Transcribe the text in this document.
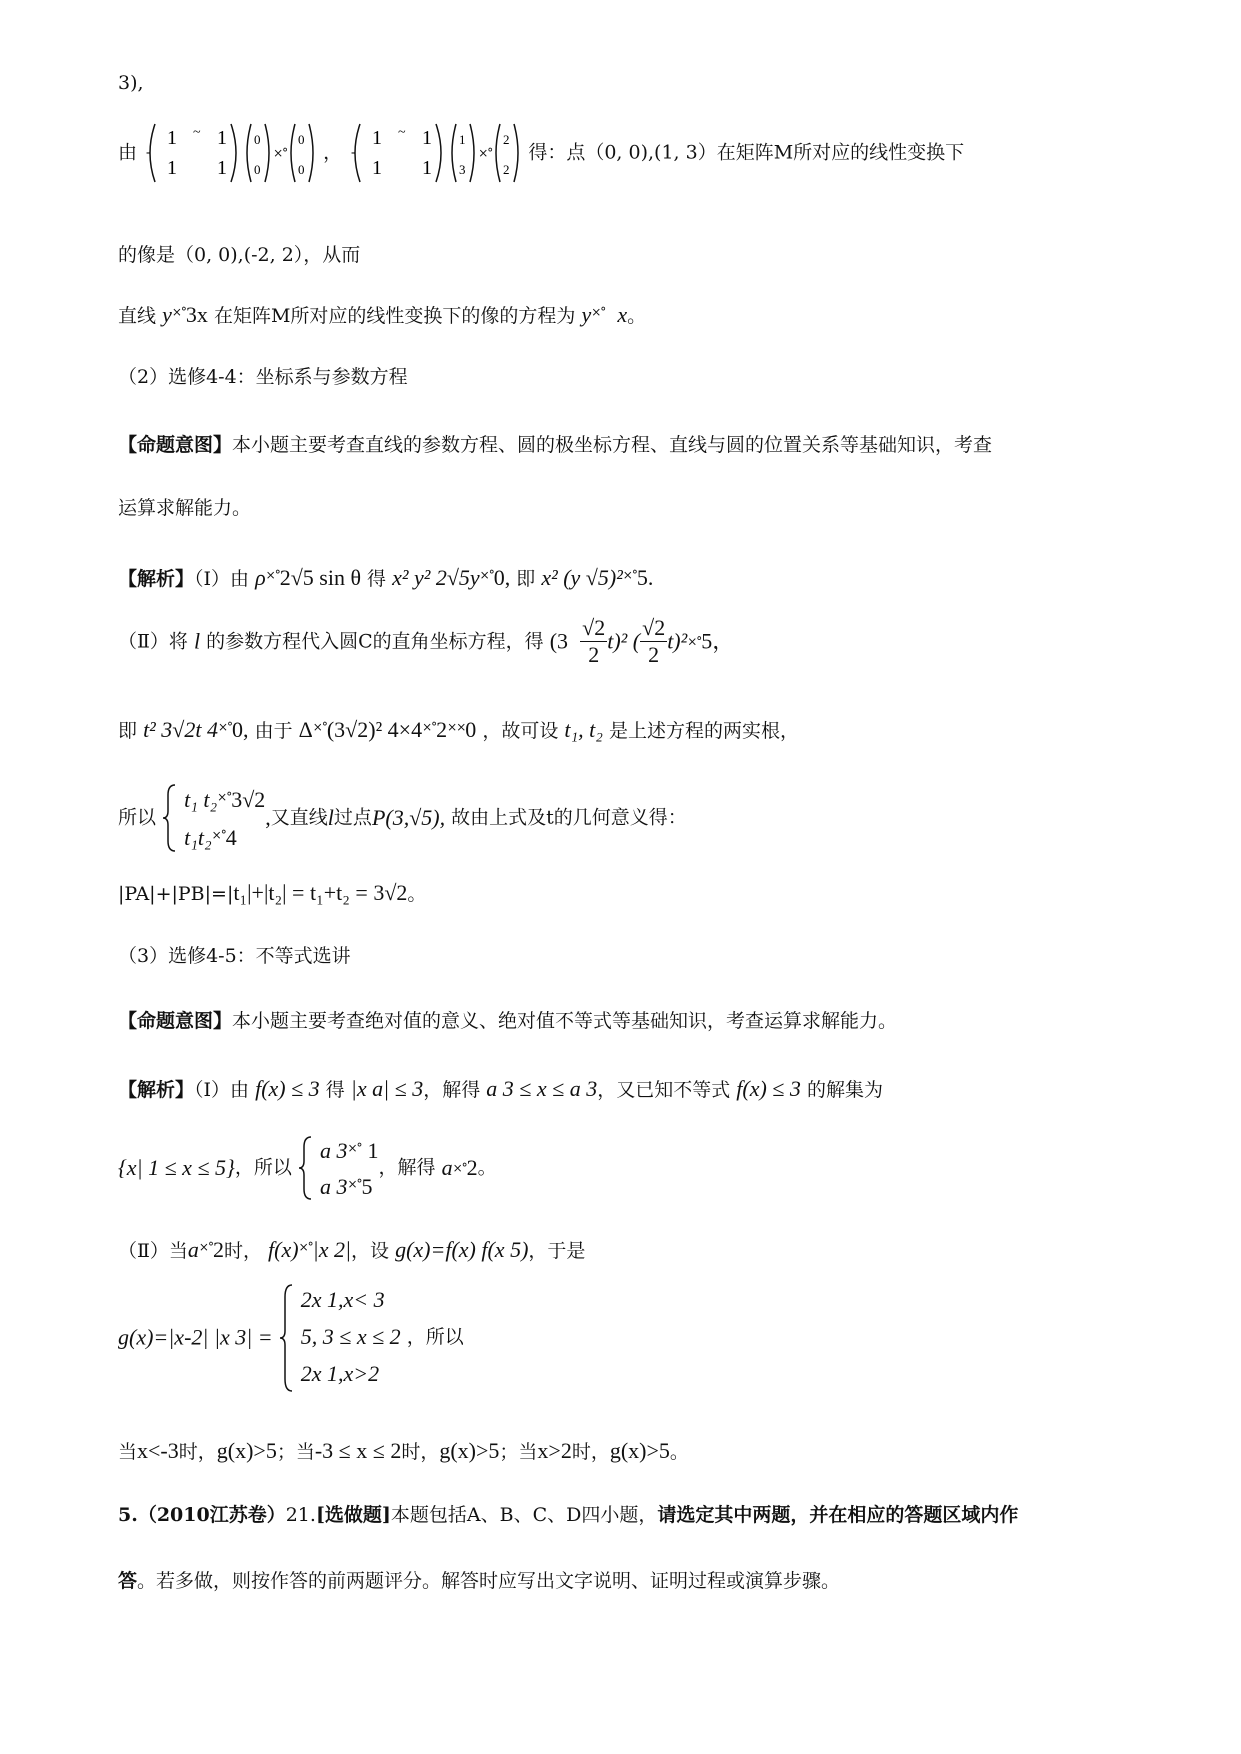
3),
由 -
1 ~ 1
1 1
0
0
×°
0
0
， -
1 ~ 1
1 1
1
3
×°
2
2
得：点（0, 0),(1, 3）在矩阵M所对应的线性变换下
的像是（0, 0),(-2, 2），从而
直线 y×°3x 在矩阵M所对应的线性变换下的像的方程为 y×° x。
（2）选修4-4：坐标系与参数方程
【命题意图】本小题主要考查直线的参数方程、圆的极坐标方程、直线与圆的位置关系等基础知识，考查
运算求解能力。
【解析】（Ⅰ）由 ρ×°2√5 sin θ 得 x² y² 2√5y×°0, 即 x² (y √5)²×°5.
（Ⅱ）将 l 的参数方程代入圆C的直角坐标方程，得 $(3 \frac{√2}{2} t)^2$ ( $\frac{√2}{2} t)^2\times^\circ 5$，
即 t² 3√2t 4×°0, 由于 Δ×°(3√2)² 4×4×°2××0 ，故可设 t₁, t₂ 是上述方程的两实根，
所以  t₁ t₂×°3√2
t₁t₂×°4,又直线l过点P(3,√5), 故由上式及t的几何意义得：
|PA|+|PB|=|t₁|+|t₂| = t₁+t₂ = 3√2。
（3）选修4-5：不等式选讲
【命题意图】本小题主要考查绝对值的意义、绝对值不等式等基础知识，考查运算求解能力。
【解析】（Ⅰ）由 f(x) ≤ 3 得 |x a| ≤ 3，解得 a 3 ≤ x ≤ a 3，又已知不等式 f(x) ≤ 3 的解集为
{x| 1 ≤ x ≤ 5}，所以  a 3×° 1
a 3×°5，解得 a×°2。
（Ⅱ）当a×°2时， f(x)×°|x 2|，设 g(x)=f(x) f(x 5)，于是
g(x)=|x-2| |x 3| =  2x 1,x< 3
5, 3 ≤ x ≤ 2
2x 1,x>2 ，所以
当x<-3时，g(x)>5；当-3 ≤ x ≤ 2时，g(x)>5；当x>2时，g(x)>5。
5.（2010江苏卷）21.[选做题]本题包括A、B、C、D四小题，请选定其中两题，并在相应的答题区域内作
答。若多做，则按作答的前两题评分。解答时应写出文字说明、证明过程或演算步骤。
